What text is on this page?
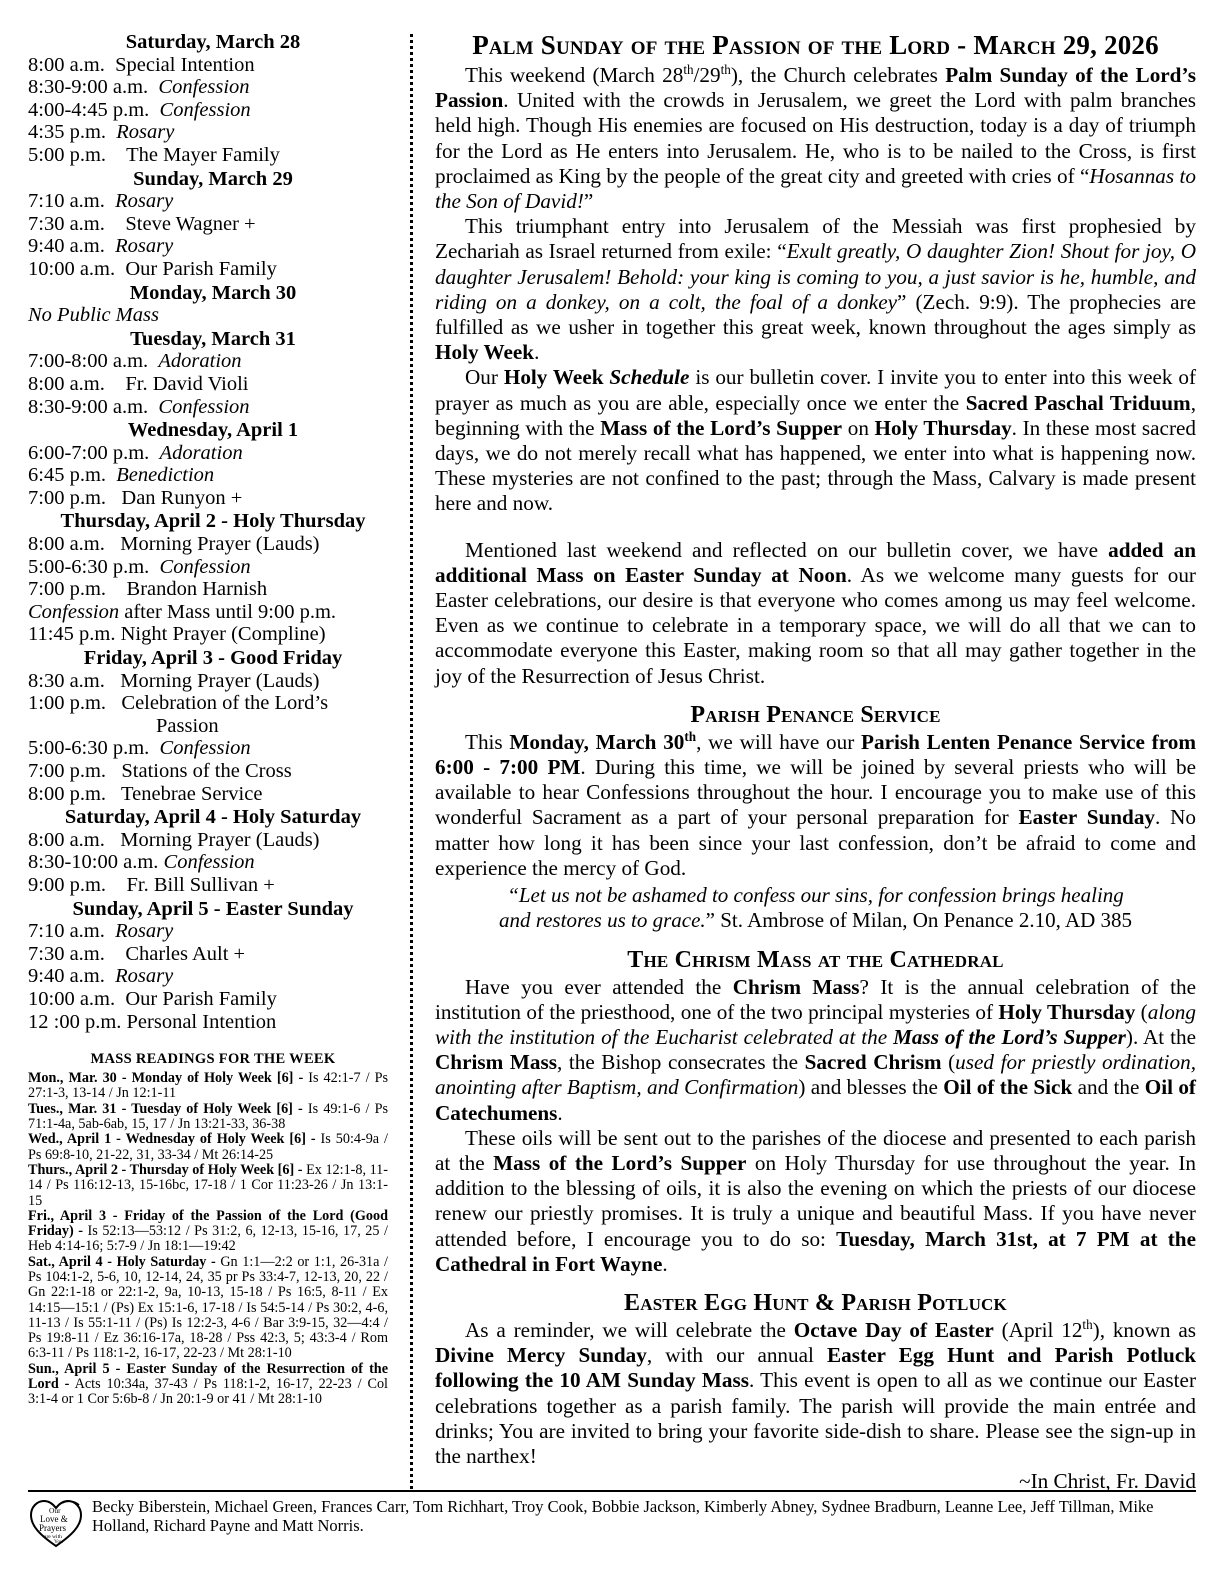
Saturday, March 28
8:00 a.m.  Special Intention
8:30-9:00 a.m.  Confession
4:00-4:45 p.m.  Confession
4:35 p.m.  Rosary
5:00 p.m.    The Mayer Family
Sunday, March 29
7:10 a.m.  Rosary
7:30 a.m.    Steve Wagner +
9:40 a.m.  Rosary
10:00 a.m.  Our Parish Family
Monday, March 30
No Public Mass
Tuesday, March 31
7:00-8:00 a.m.  Adoration
8:00 a.m.    Fr. David Violi
8:30-9:00 a.m.  Confession
Wednesday, April 1
6:00-7:00 p.m.  Adoration
6:45 p.m.  Benediction
7:00 p.m.   Dan Runyon +
Thursday, April 2 - Holy Thursday
8:00 a.m.   Morning Prayer (Lauds)
5:00-6:30 p.m.  Confession
7:00 p.m.    Brandon Harnish
Confession after Mass until 9:00 p.m.
11:45 p.m. Night Prayer (Compline)
Friday, April 3 - Good Friday
8:30 a.m.   Morning Prayer (Lauds)
1:00 p.m.   Celebration of the Lord’s
Passion
5:00-6:30 p.m.  Confession
7:00 p.m.   Stations of the Cross
8:00 p.m.   Tenebrae Service
Saturday, April 4 - Holy Saturday
8:00 a.m.   Morning Prayer (Lauds)
8:30-10:00 a.m. Confession
9:00 p.m.    Fr. Bill Sullivan +
Sunday, April 5 - Easter Sunday
7:10 a.m.  Rosary
7:30 a.m.    Charles Ault +
9:40 a.m.  Rosary
10:00 a.m.  Our Parish Family
12 :00 p.m. Personal Intention
MASS READINGS FOR THE WEEK

Mon., Mar. 30 - Monday of Holy Week [6] - Is 42:1-7 / Ps 27:1-3, 13-14 / Jn 12:1-11

Tues., Mar. 31 - Tuesday of Holy Week [6] - Is 49:1-6 / Ps 71:1-4a, 5ab-6ab, 15, 17 / Jn 13:21-33, 36-38

Wed., April 1 - Wednesday of Holy Week [6] - Is 50:4-9a / Ps 69:8-10, 21-22, 31, 33-34 / Mt 26:14-25

Thurs., April 2 - Thursday of Holy Week [6] - Ex 12:1-8, 11-14 / Ps 116:12-13, 15-16bc, 17-18 / 1 Cor 11:23-26 / Jn 13:1-15

Fri., April 3 - Friday of the Passion of the Lord (Good Friday) - Is 52:13—53:12 / Ps 31:2, 6, 12-13, 15-16, 17, 25 / Heb 4:14-16; 5:7-9 / Jn 18:1—19:42

Sat., April 4 - Holy Saturday - Gn 1:1—2:2 or 1:1, 26-31a / Ps 104:1-2, 5-6, 10, 12-14, 24, 35 pr Ps 33:4-7, 12-13, 20, 22 / Gn 22:1-18 or 22:1-2, 9a, 10-13, 15-18 / Ps 16:5, 8-11 / Ex 14:15—15:1 / (Ps) Ex 15:1-6, 17-18 / Is 54:5-14 / Ps 30:2, 4-6, 11-13 / Is 55:1-11 / (Ps) Is 12:2-3, 4-6 / Bar 3:9-15, 32—4:4 / Ps 19:8-11 / Ez 36:16-17a, 18-28 / Pss 42:3, 5; 43:3-4 / Rom 6:3-11 / Ps 118:1-2, 16-17, 22-23 / Mt 28:1-10

Sun., April 5 - Easter Sunday of the Resurrection of the Lord - Acts 10:34a, 37-43 / Ps 118:1-2, 16-17, 22-23 / Col 3:1-4 or 1 Cor 5:6b-8 / Jn 20:1-9 or 41 / Mt 28:1-10

Palm Sunday of the Passion of the Lord - March 29, 2026

This weekend (March 28th/29th), the Church celebrates Palm Sunday of the Lord’s Passion. United with the crowds in Jerusalem, we greet the Lord with palm branches held high. Though His enemies are focused on His destruction, today is a day of triumph for the Lord as He enters into Jerusalem. He, who is to be nailed to the Cross, is first proclaimed as King by the people of the great city and greeted with cries of “Hosannas to the Son of David!”

This triumphant entry into Jerusalem of the Messiah was first prophesied by Zechariah as Israel returned from exile: “Exult greatly, O daughter Zion! Shout for joy, O daughter Jerusalem! Behold: your king is coming to you, a just savior is he, humble, and riding on a donkey, on a colt, the foal of a donkey” (Zech. 9:9). The prophecies are fulfilled as we usher in together this great week, known throughout the ages simply as Holy Week.

Our Holy Week Schedule is our bulletin cover. I invite you to enter into this week of prayer as much as you are able, especially once we enter the Sacred Paschal Triduum, beginning with the Mass of the Lord’s Supper on Holy Thursday. In these most sacred days, we do not merely recall what has happened, we enter into what is happening now. These mysteries are not confined to the past; through the Mass, Calvary is made present here and now.

Mentioned last weekend and reflected on our bulletin cover, we have added an additional Mass on Easter Sunday at Noon. As we welcome many guests for our Easter celebrations, our desire is that everyone who comes among us may feel welcome. Even as we continue to celebrate in a temporary space, we will do all that we can to accommodate everyone this Easter, making room so that all may gather together in the joy of the Resurrection of Jesus Christ.

Parish Penance Service

This Monday, March 30th, we will have our Parish Lenten Penance Service from 6:00 - 7:00 PM. During this time, we will be joined by several priests who will be available to hear Confessions throughout the hour. I encourage you to make use of this wonderful Sacrament as a part of your personal preparation for Easter Sunday. No matter how long it has been since your last confession, don’t be afraid to come and experience the mercy of God.

“Let us not be ashamed to confess our sins, for confession brings healing
and restores us to grace.” St. Ambrose of Milan, On Penance 2.10, AD 385

The Chrism Mass at the Cathedral

Have you ever attended the Chrism Mass? It is the annual celebration of the institution of the priesthood, one of the two principal mysteries of Holy Thursday (along with the institution of the Eucharist celebrated at the Mass of the Lord’s Supper). At the Chrism Mass, the Bishop consecrates the Sacred Chrism (used for priestly ordination, anointing after Baptism, and Confirmation) and blesses the Oil of the Sick and the Oil of Catechumens.

These oils will be sent out to the parishes of the diocese and presented to each parish at the Mass of the Lord’s Supper on Holy Thursday for use throughout the year. In addition to the blessing of oils, it is also the evening on which the priests of our diocese renew our priestly promises. It is truly a unique and beautiful Mass. If you have never attended before, I encourage you to do so: Tuesday, March 31st, at 7 PM at the Cathedral in Fort Wayne.

Easter Egg Hunt & Parish Potluck

As a reminder, we will celebrate the Octave Day of Easter (April 12th), known as Divine Mercy Sunday, with our annual Easter Egg Hunt and Parish Potluck following the 10 AM Sunday Mass. This event is open to all as we continue our Easter celebrations together as a parish family. The parish will provide the main entrée and drinks; You are invited to bring your favorite side-dish to share. Please see the sign-up in the narthex!

~In Christ, Fr. David

Our
Love &
Prayers
are with
You
Becky Biberstein, Michael Green, Frances Carr, Tom Richhart, Troy Cook, Bobbie Jackson, Kimberly Abney, Sydnee Bradburn, Leanne Lee, Jeff Tillman, Mike Holland, Richard Payne and Matt Norris.
